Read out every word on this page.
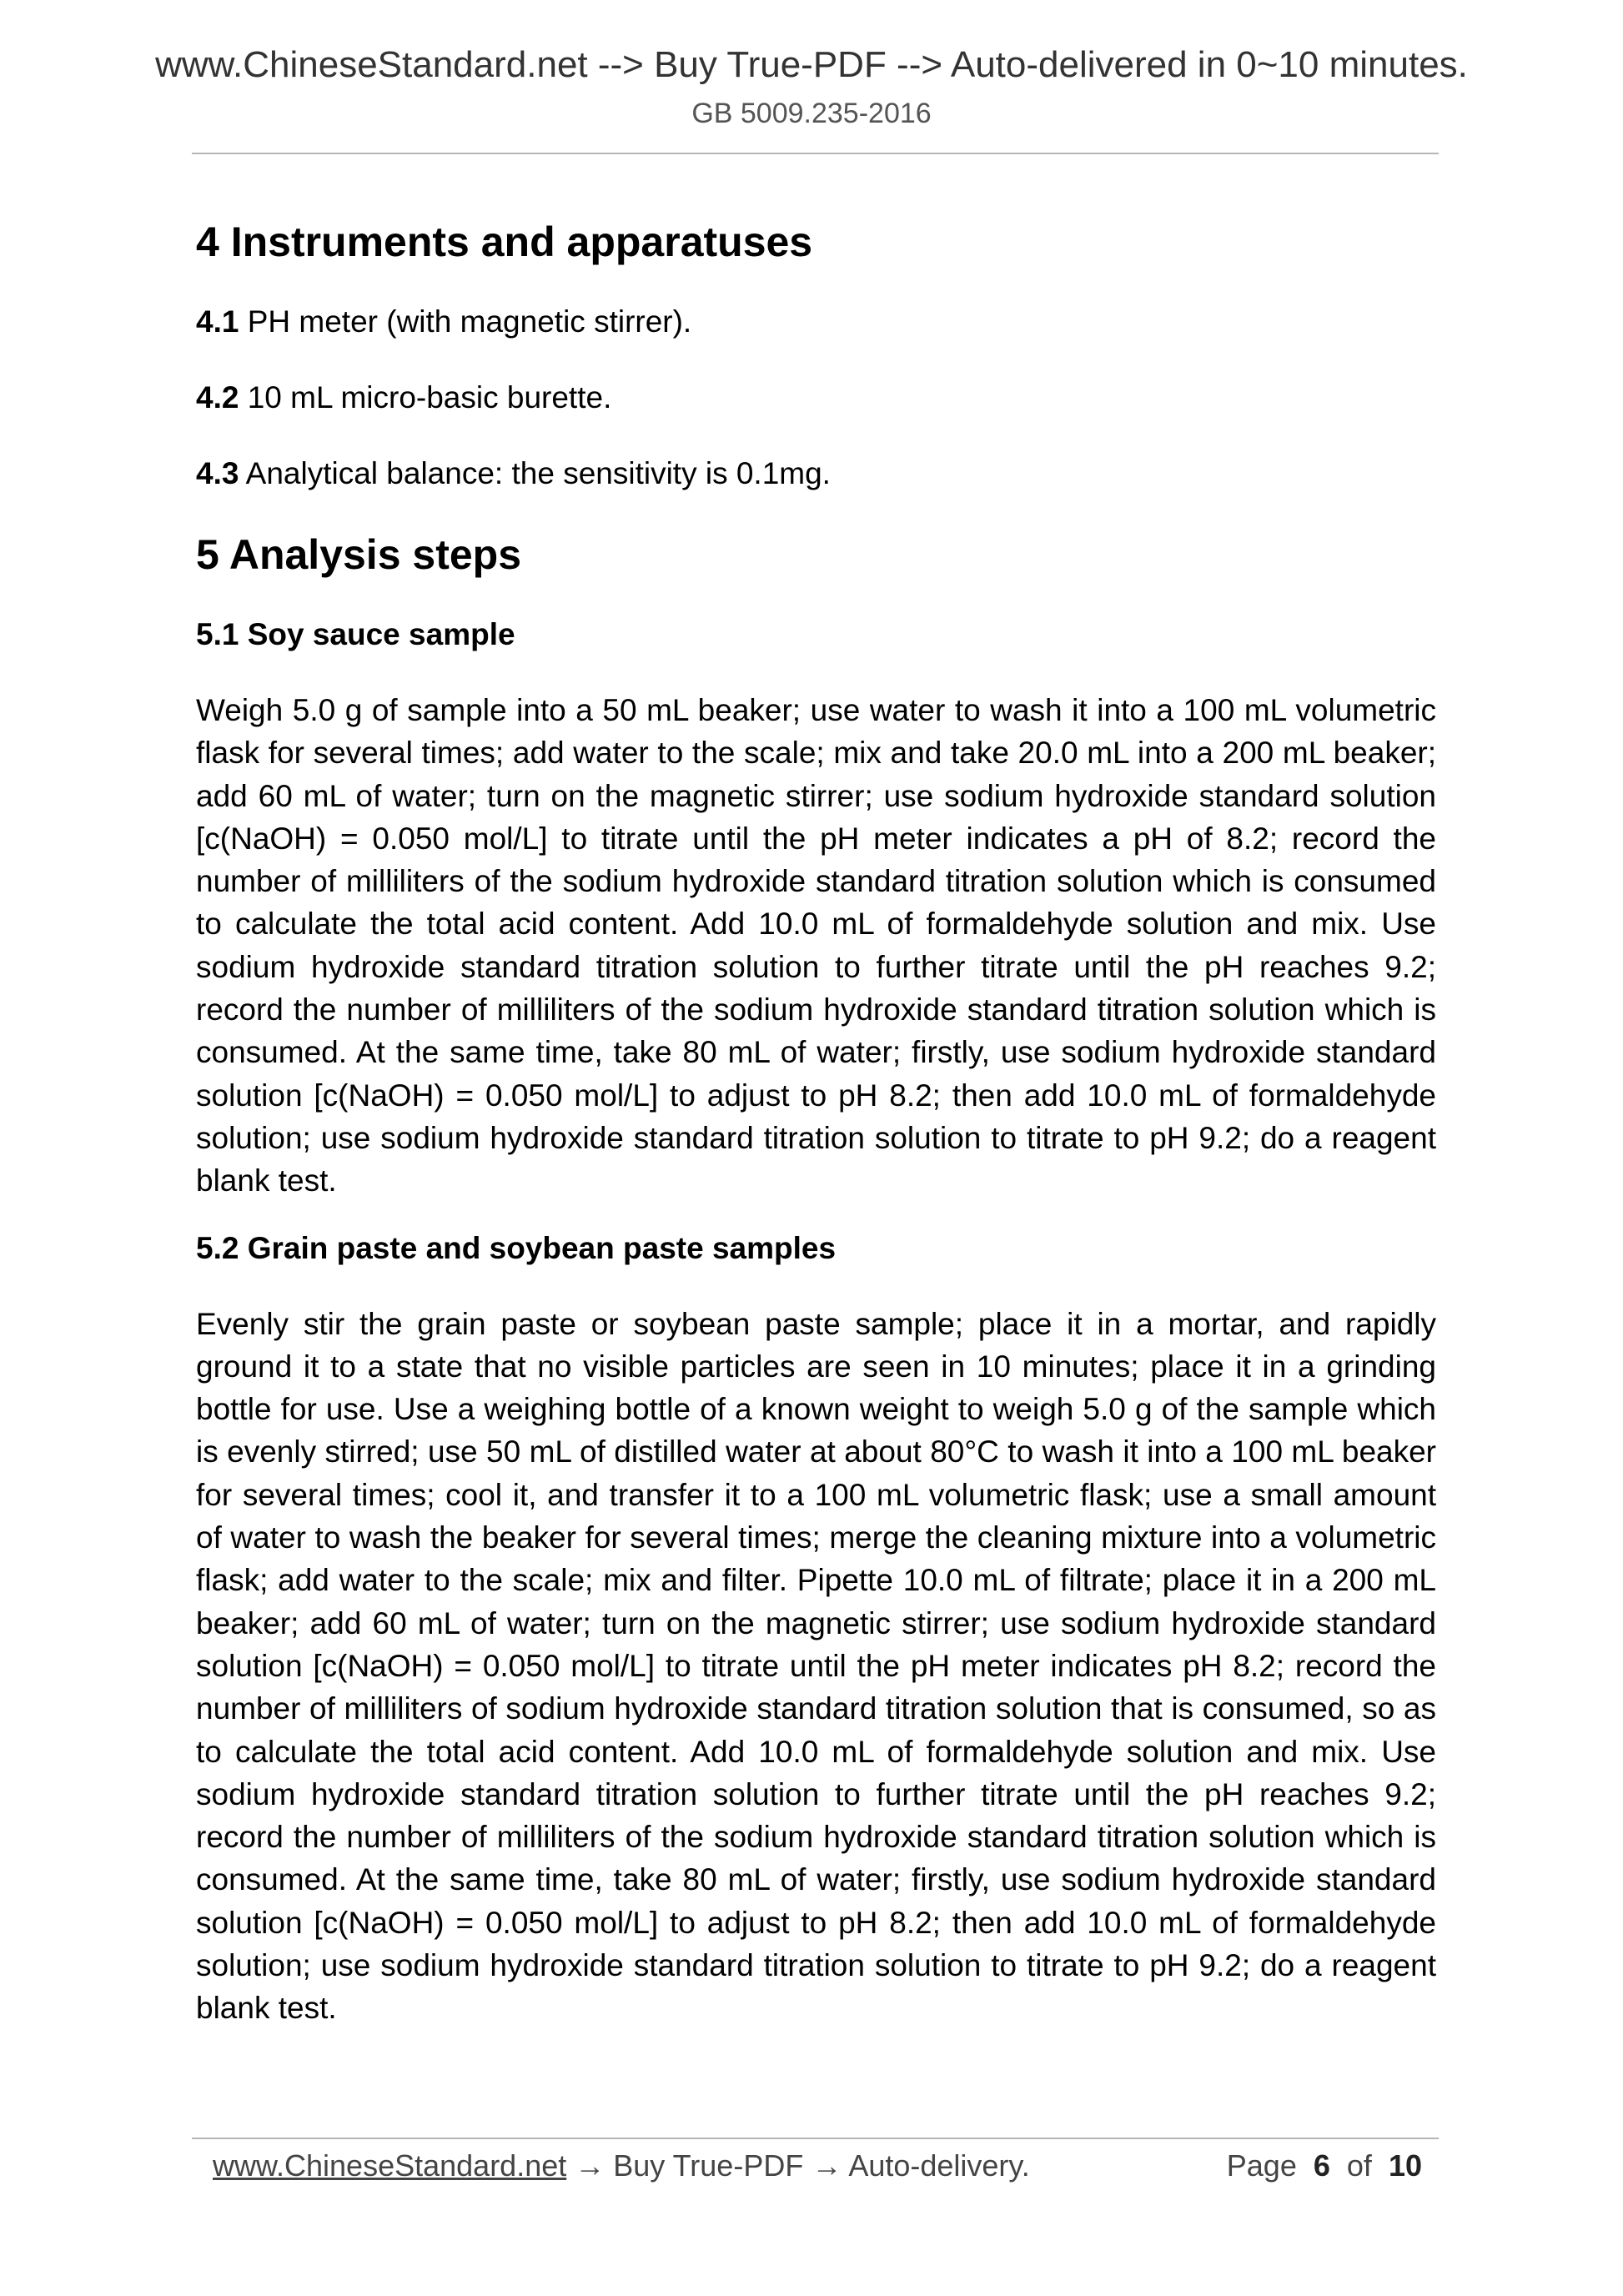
www.ChineseStandard.net --> Buy True-PDF --> Auto-delivered in 0~10 minutes.
GB 5009.235-2016
4 Instruments and apparatuses

4.1 PH meter (with magnetic stirrer).

4.2 10 mL micro-basic burette.

4.3 Analytical balance: the sensitivity is 0.1mg.

5 Analysis steps
5.1 Soy sauce sample

Weigh 5.0 g of sample into a 50 mL beaker; use water to wash it into a 100 mL volumetric flask for several times; add water to the scale; mix and take 20.0 mL into a 200 mL beaker; add 60 mL of water; turn on the magnetic stirrer; use sodium hydroxide standard solution [c(NaOH) = 0.050 mol/L] to titrate until the pH meter indicates a pH of 8.2; record the number of milliliters of the sodium hydroxide standard titration solution which is consumed to calculate the total acid content. Add 10.0 mL of formaldehyde solution and mix. Use sodium hydroxide standard titration solution to further titrate until the pH reaches 9.2; record the number of milliliters of the sodium hydroxide standard titration solution which is consumed. At the same time, take 80 mL of water; firstly, use sodium hydroxide standard solution [c(NaOH) = 0.050 mol/L] to adjust to pH 8.2; then add 10.0 mL of formaldehyde solution; use sodium hydroxide standard titration solution to titrate to pH 9.2; do a reagent blank test.

5.2 Grain paste and soybean paste samples

Evenly stir the grain paste or soybean paste sample; place it in a mortar, and rapidly ground it to a state that no visible particles are seen in 10 minutes; place it in a grinding bottle for use. Use a weighing bottle of a known weight to weigh 5.0 g of the sample which is evenly stirred; use 50 mL of distilled water at about 80°C to wash it into a 100 mL beaker for several times; cool it, and transfer it to a 100 mL volumetric flask; use a small amount of water to wash the beaker for several times; merge the cleaning mixture into a volumetric flask; add water to the scale; mix and filter. Pipette 10.0 mL of filtrate; place it in a 200 mL beaker; add 60 mL of water; turn on the magnetic stirrer; use sodium hydroxide standard solution [c(NaOH) = 0.050 mol/L] to titrate until the pH meter indicates pH 8.2; record the number of milliliters of sodium hydroxide standard titration solution that is consumed, so as to calculate the total acid content. Add 10.0 mL of formaldehyde solution and mix. Use sodium hydroxide standard titration solution to further titrate until the pH reaches 9.2; record the number of milliliters of the sodium hydroxide standard titration solution which is consumed. At the same time, take 80 mL of water; firstly, use sodium hydroxide standard solution [c(NaOH) = 0.050 mol/L] to adjust to pH 8.2; then add 10.0 mL of formaldehyde solution; use sodium hydroxide standard titration solution to titrate to pH 9.2; do a reagent blank test.

www.ChineseStandard.net → Buy True-PDF → Auto-delivery.	Page 6 of 10
